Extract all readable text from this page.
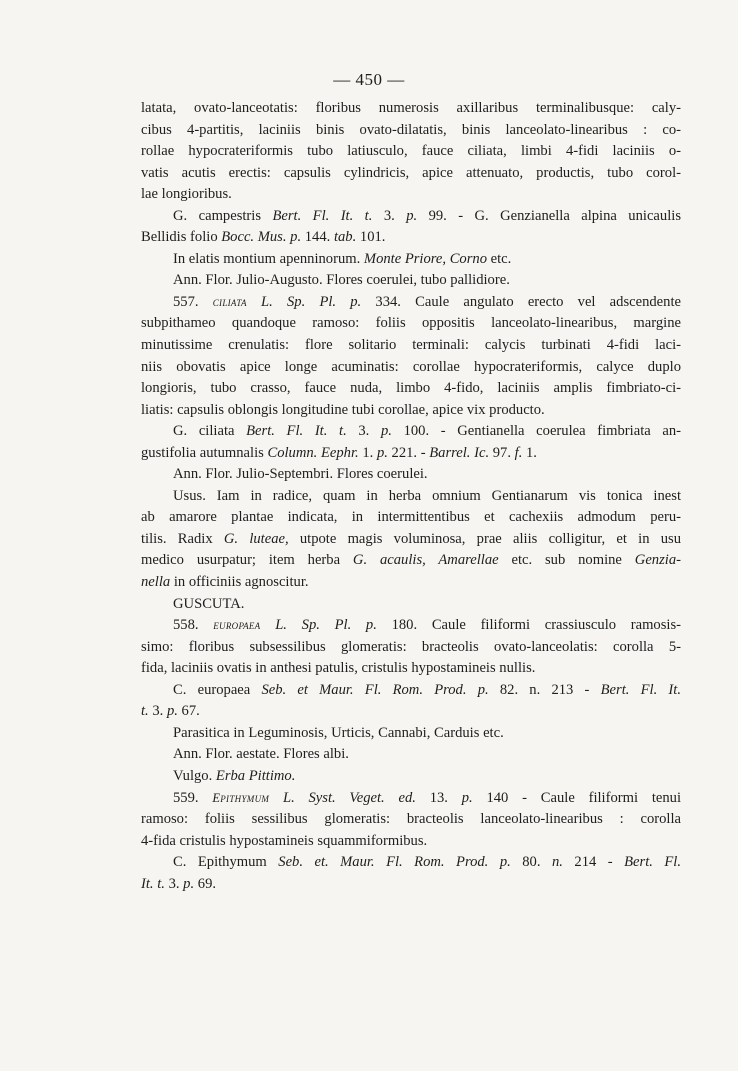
— 450 —
latata, ovato-lanceotatis: floribus numerosis axillaribus terminalibusque: caly-
cibus 4-partitis, laciniis binis ovato-dilatatis, binis lanceolato-linearibus : co-
rollae hypocrateriformis tubo latiusculo, fauce ciliata, limbi 4-fidi laciniis o-
vatis acutis erectis: capsulis cylindricis, apice attenuato, productis, tubo corol-
lae longioribus.
G. campestris Bert. Fl. It. t. 3. p. 99. - G. Genzianella alpina unicaulis
Bellidis folio Bocc. Mus. p. 144. tab. 101.
In elatis montium apenninorum. Monte Priore, Corno etc.
Ann. Flor. Julio-Augusto. Flores coerulei, tubo pallidiore.
557. ciliata L. Sp. Pl. p. 334. Caule angulato erecto vel adscendente
subpithameo quandoque ramoso: foliis oppositis lanceolato-linearibus, margine
minutissime crenulatis: flore solitario terminali: calycis turbinati 4-fidi laci-
niis obovatis apice longe acuminatis: corollae hypocrateriformis, calyce duplo
longioris, tubo crasso, fauce nuda, limbo 4-fido, laciniis amplis fimbriato-ci-
liatis: capsulis oblongis longitudine tubi corollae, apice vix producto.
G. ciliata Bert. Fl. It. t. 3. p. 100. - Gentianella coerulea fimbriata an-
gustifolia autumnalis Column. Eephr. 1. p. 221. - Barrel. Ic. 97. f. 1.
Ann. Flor. Julio-Septembri. Flores coerulei.
Usus. Iam in radice, quam in herba omnium Gentianarum vis tonica inest
ab amarore plantae indicata, in intermittentibus et cachexiis admodum peru-
tilis. Radix G. luteae, utpote magis voluminosa, prae aliis colligitur, et in usu
medico usurpatur; item herba G. acaulis, Amarellae etc. sub nomine Genzia-
nella in officiniis agnoscitur.
GUSCUTA.
558. europaea L. Sp. Pl. p. 180. Caule filiformi crassiusculo ramosis-
simo: floribus subsessilibus glomeratis: bracteolis ovato-lanceolatis: corolla 5-
fida, laciniis ovatis in anthesi patulis, cristulis hypostamineis nullis.
C. europaea Seb. et Maur. Fl. Rom. Prod. p. 82. n. 213 - Bert. Fl. It.
t. 3. p. 67.
Parasitica in Leguminosis, Urticis, Cannabi, Carduis etc.
Ann. Flor. aestate. Flores albi.
Vulgo. Erba Pittimo.
559. Epithymum L. Syst. Veget. ed. 13. p. 140 - Caule filiformi tenui
ramoso: foliis sessilibus glomeratis: bracteolis lanceolato-linearibus : corolla
4-fida cristulis hypostamineis squammiformibus.
C. Epithymum Seb. et. Maur. Fl. Rom. Prod. p. 80. n. 214 - Bert. Fl.
It. t. 3. p. 69.
